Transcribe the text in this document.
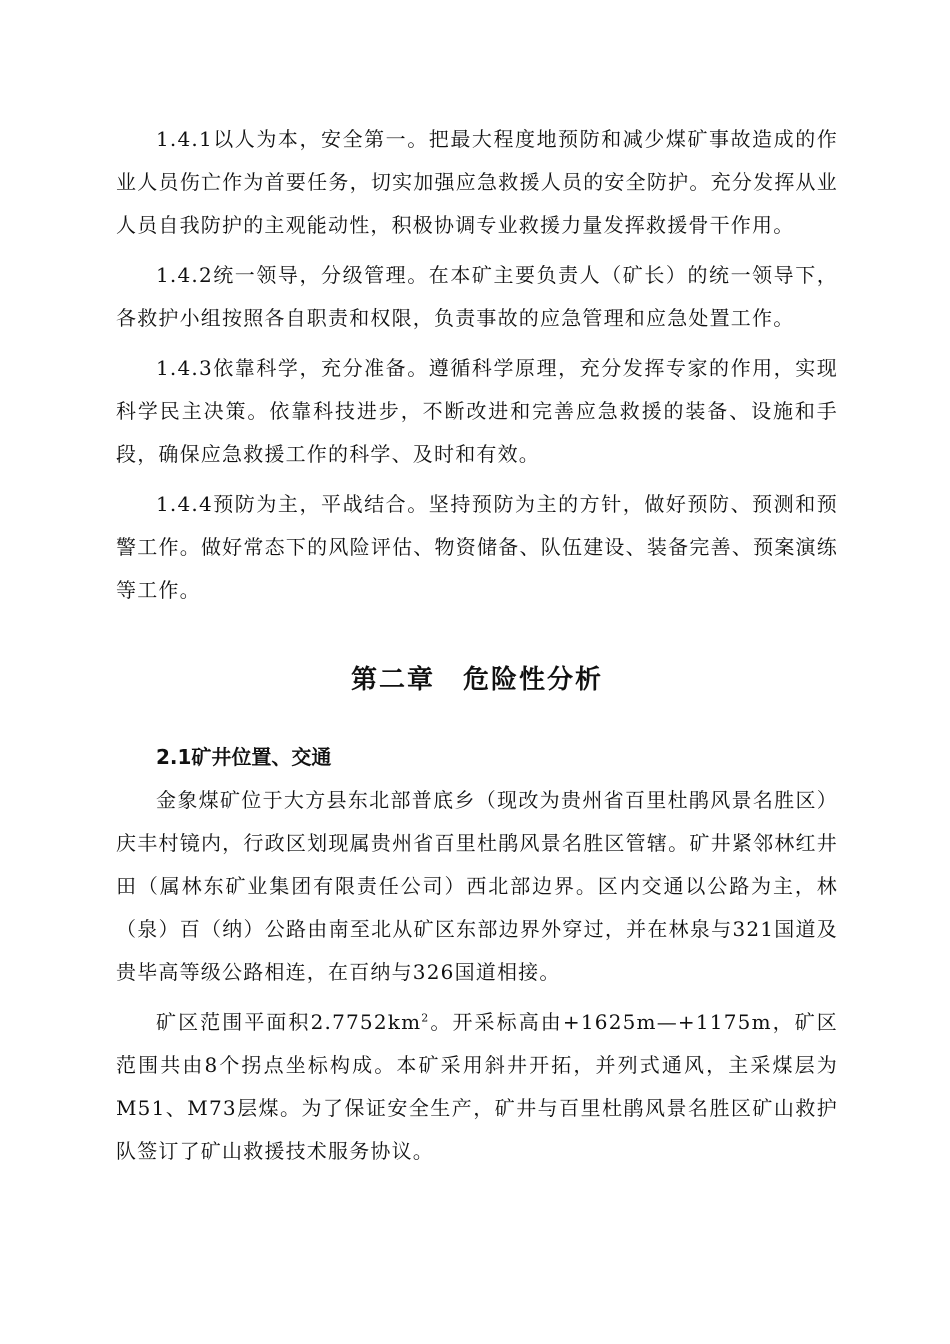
1.4.1以人为本，安全第一。把最大程度地预防和减少煤矿事故造成的作业人员伤亡作为首要任务，切实加强应急救援人员的安全防护。充分发挥从业人员自我防护的主观能动性，积极协调专业救援力量发挥救援骨干作用。

1.4.2统一领导，分级管理。在本矿主要负责人（矿长）的统一领导下，各救护小组按照各自职责和权限，负责事故的应急管理和应急处置工作。

1.4.3依靠科学，充分准备。遵循科学原理，充分发挥专家的作用，实现科学民主决策。依靠科技进步，不断改进和完善应急救援的装备、设施和手段，确保应急救援工作的科学、及时和有效。

1.4.4预防为主，平战结合。坚持预防为主的方针，做好预防、预测和预警工作。做好常态下的风险评估、物资储备、队伍建设、装备完善、预案演练等工作。

第二章　危险性分析
2.1矿井位置、交通

金象煤矿位于大方县东北部普底乡（现改为贵州省百里杜鹃风景名胜区）庆丰村镜内，行政区划现属贵州省百里杜鹃风景名胜区管辖。矿井紧邻林红井田（属林东矿业集团有限责任公司）西北部边界。区内交通以公路为主，林（泉）百（纳）公路由南至北从矿区东部边界外穿过，并在林泉与321国道及贵毕高等级公路相连，在百纳与326国道相接。

矿区范围平面积$2.7752km^2$。开采标高由+1625m—+1175m，矿区范围共由8个拐点坐标构成。本矿采用斜井开拓，并列式通风，主采煤层为M51、M73层煤。为了保证安全生产，矿井与百里杜鹃风景名胜区矿山救护队签订了矿山救援技术服务协议。
